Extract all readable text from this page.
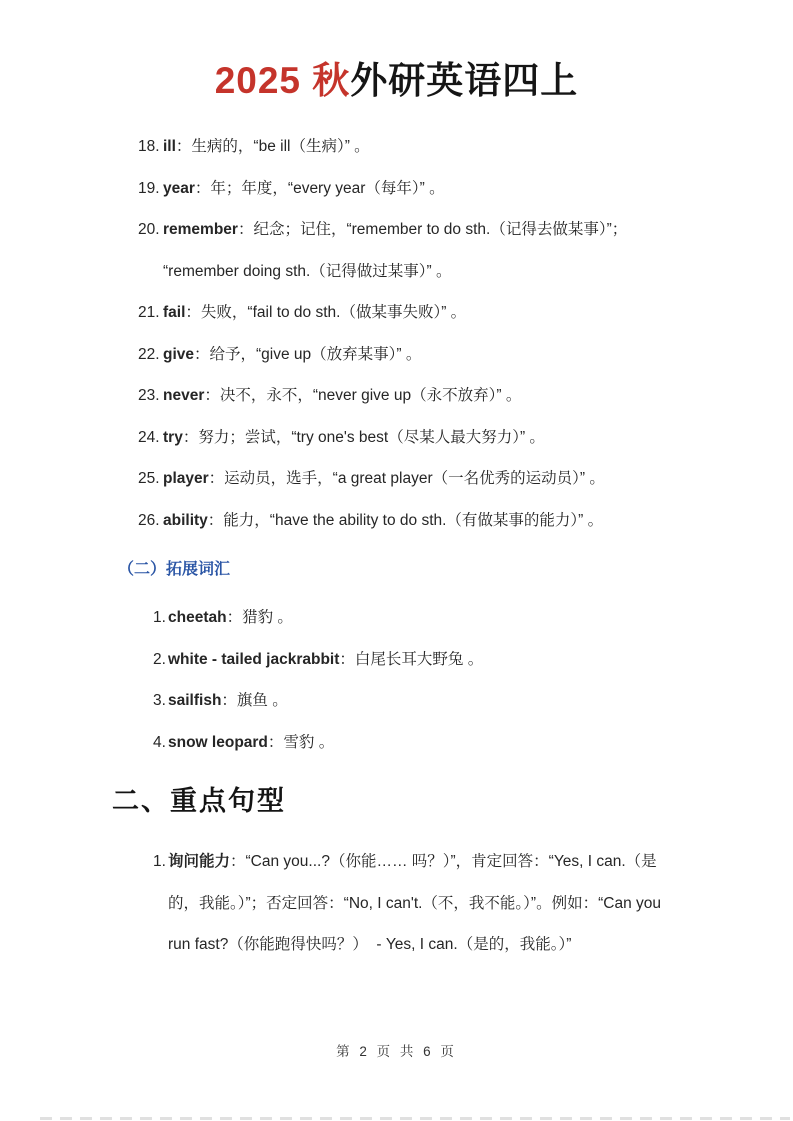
2025 秋外研英语四上
18. ill：生病的，“be ill（生病）” 。
19. year：年；年度，“every year（每年）” 。
20. remember：纪念；记住，“remember to do sth.（记得去做某事）”； “remember doing sth.（记得做过某事）” 。
21. fail：失败，“fail to do sth.（做某事失败）” 。
22. give：给予，“give up（放弃某事）” 。
23. never：决不，永不，“never give up（永不放弃）” 。
24. try：努力；尝试，“try one's best（尽某人最大努力）” 。
25. player：运动员，选手，“a great player（一名优秀的运动员）” 。
26. ability：能力，“have the ability to do sth.（有做某事的能力）” 。
（二）拓展词汇
1. cheetah：猎豹 。
2. white - tailed jackrabbit：白尾长耳大野兔 。
3. sailfish：旗鱼 。
4. snow leopard：雪豹 。
二、重点句型
1. 询问能力：“Can you...?（你能…… 吗？）”，肯定回答：“Yes, I can.（是的，我能。）”；否定回答：“No, I can't.（不，我不能。）”。例如：“Can you run fast?（你能跑得快吗？）  - Yes, I can.（是的，我能。）”
第 2 页 共 6 页
